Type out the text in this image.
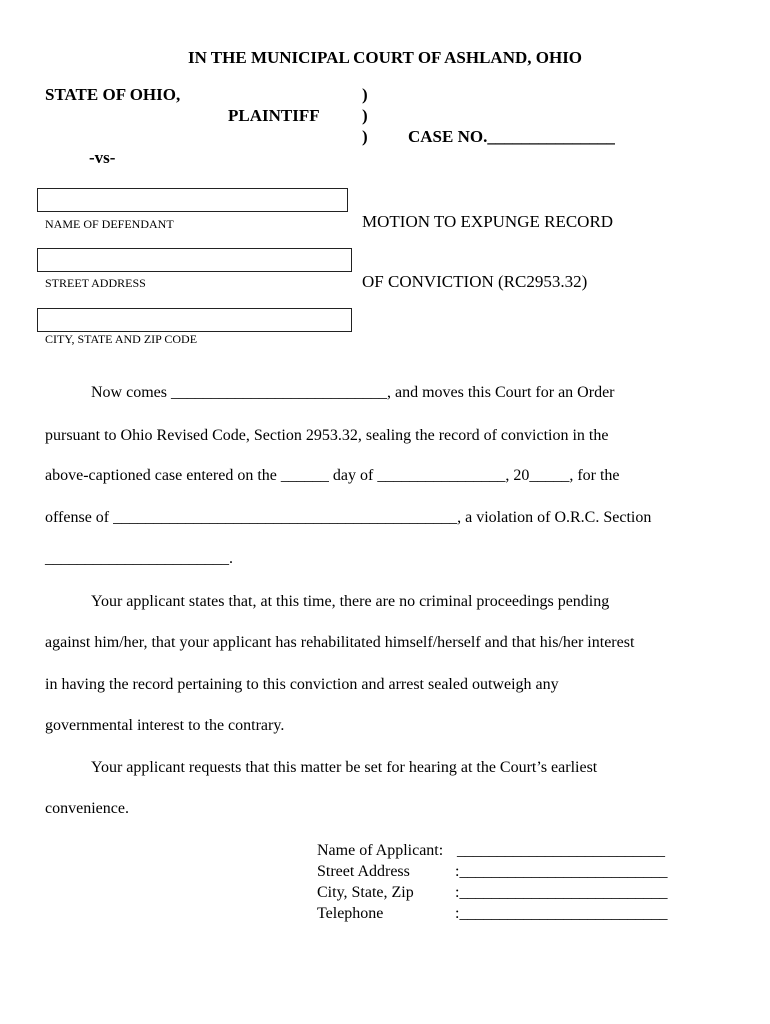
IN THE MUNICIPAL COURT OF ASHLAND, OHIO
STATE OF OHIO,
PLAINTIFF
)
)
) CASE NO._______________
-vs-
NAME OF DEFENDANT
STREET ADDRESS
CITY, STATE AND ZIP CODE
MOTION TO EXPUNGE RECORD
OF CONVICTION (RC2953.32)
Now comes ___________________________, and moves this Court for an Order
pursuant to Ohio Revised Code, Section 2953.32, sealing the record of conviction in the
above-captioned case entered on the ______ day of ________________, 20_____, for the
offense of ___________________________________________, a violation of O.R.C. Section
_______________________.
Your applicant states that, at this time, there are no criminal proceedings pending
against him/her, that your applicant has rehabilitated himself/herself and that his/her interest
in having the record pertaining to this conviction and arrest sealed outweigh any
governmental interest to the contrary.
Your applicant requests that this matter be set for hearing at the Court’s earliest
convenience.
Name of Applicant: __________________________
Street Address	:__________________________
City, State, Zip	:__________________________
Telephone	:__________________________
